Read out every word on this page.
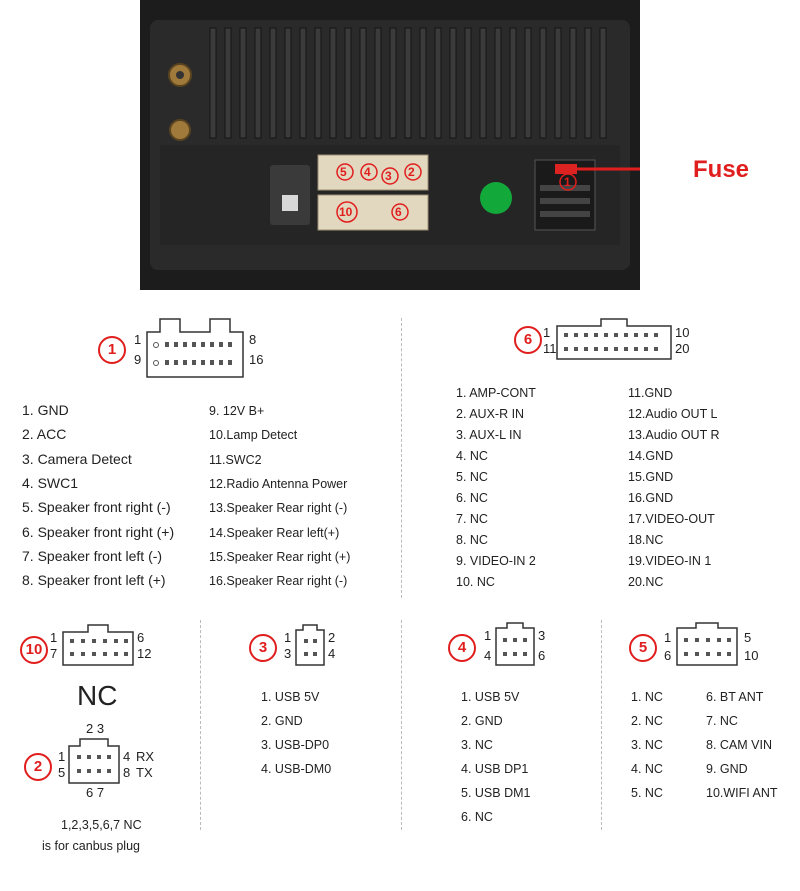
5 4 3 2
10	6
1	Fuse
1
1
9
8
16
1. GND
2. ACC
3. Camera Detect
4. SWC1
5. Speaker front right (-)
6. Speaker front right (+)
7. Speaker front left (-)
8. Speaker front left (+)
9. 12V B+
10.Lamp Detect
11.SWC2
12.Radio Antenna Power
13.Speaker Rear right (-)
14.Speaker Rear left(+)
15.Speaker Rear right (+)
16.Speaker Rear right (-)
6 1
11
10
20
1. AMP-CONT
2. AUX-R IN
3. AUX-L IN
4. NC
5. NC
6. NC
7. NC
8. NC
9. VIDEO-IN 2
10. NC
11.GND
12.Audio OUT L
13.Audio OUT R
14.GND
15.GND
16.GND
17.VIDEO-OUT
18.NC
19.VIDEO-IN 1
20.NC
10
1
7
6
12
NC
2
2 3
1
5
4
8
RX
TX
6 7
1,2,3,5,6,7 NC
is for canbus plug
3
1
3
2
4
1. USB 5V
2. GND
3. USB-DP0
4. USB-DM0
4
1
4
3
6
1. USB 5V
2. GND
3. NC
4. USB DP1
5. USB DM1
6. NC
5
1
6
5
10
1. NC
2. NC
3. NC
4. NC
5. NC
6. BT ANT
7. NC
8. CAM VIN
9. GND
10.WIFI ANT
